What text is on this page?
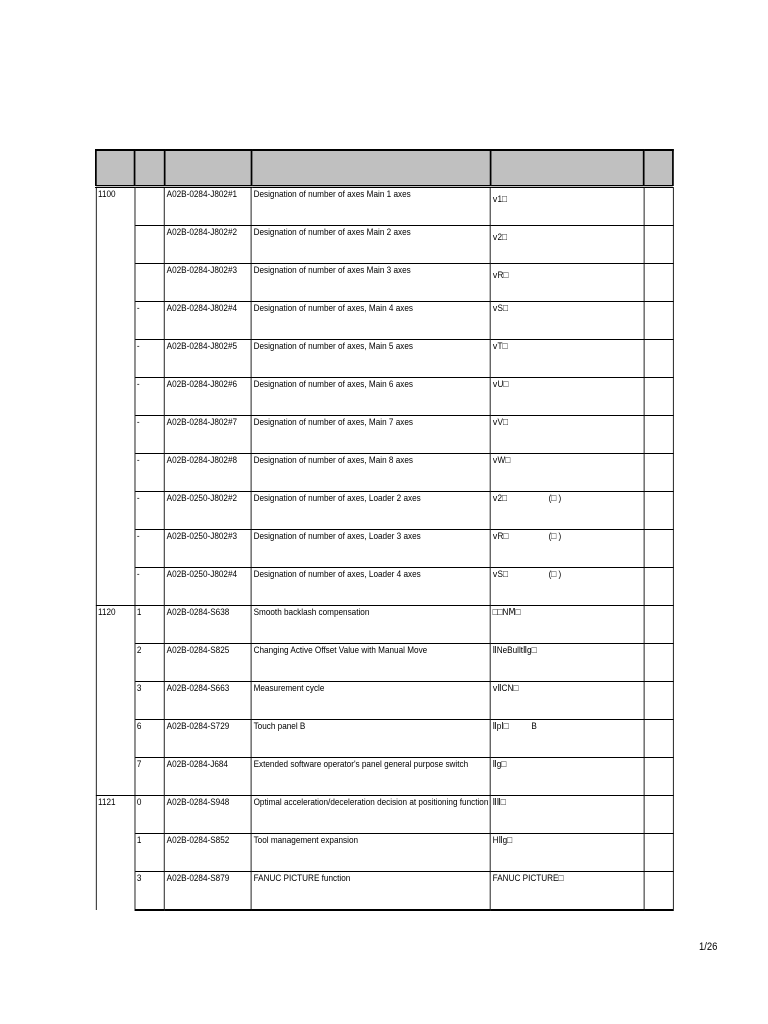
1100		A02B-0284-J802#1	Designation of number of axes Main 1 axes	ⅴ1□	

		A02B-0284-J802#2	Designation of number of axes Main 2 axes	ⅴ2□	

		A02B-0284-J802#3	Designation of number of axes Main 3 axes	ⅴR□	

	-	A02B-0284-J802#4	Designation of number of axes, Main 4 axes	ⅴS□	

	-	A02B-0284-J802#5	Designation of number of axes, Main 5 axes	ⅴT□	

	-	A02B-0284-J802#6	Designation of number of axes, Main 6 axes	ⅴU□	

	-	A02B-0284-J802#7	Designation of number of axes, Main 7 axes	ⅴV□	

	-	A02B-0284-J802#8	Designation of number of axes, Main 8 axes	ⅴW□	

	-	A02B-0250-J802#2	Designation of number of axes, Loader 2 axes	ⅴ2□ (□ )	

	-	A02B-0250-J802#3	Designation of number of axes, Loader 3 axes	ⅴR□ (□ )	

	-	A02B-0250-J802#4	Designation of number of axes, Loader 4 axes	ⅴS□ (□ )	

1120	1	A02B-0284-S638	Smooth backlash compensation	□□NⅯ□	

	2	A02B-0284-S825	Changing Active Offset Value with Manual Move	ⅡNeBulltⅡg□	

	3	A02B-0284-S663	Measurement cycle	ⅴⅡCN□	

	6	A02B-0284-S729	Touch panel B	ⅡpⅠ□ B	

	7	A02B-0284-J684	Extended software operator's panel general purpose switch	Ⅱg□	

1121	0	A02B-0284-S948	Optimal acceleration/deceleration decision at positioning function	ⅡⅡ□	

	1	A02B-0284-S852	Tool management expansion	HⅡg□	

	3	A02B-0284-S879	FANUC PICTURE function	FANUC PICTURE□	

1/26
